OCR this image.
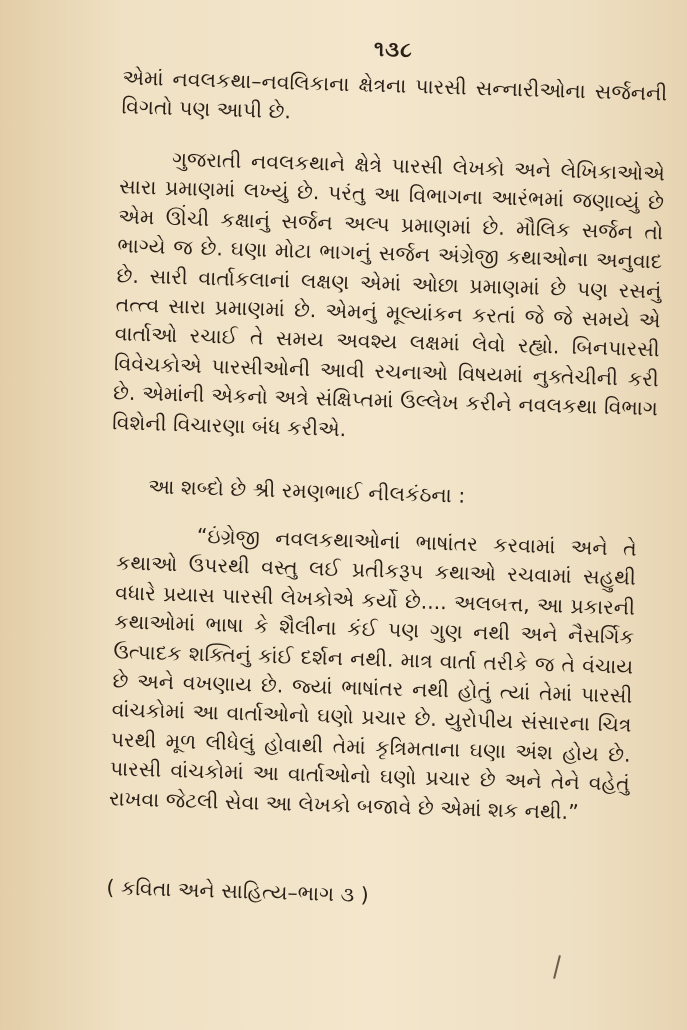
૧૩૮

એમાં નવલકથા–નવલિકાના ક્ષેત્રના પારસી સન્નારીઓના સર્જનની વિગતો પણ આપી છે.

ગુજરાતી નવલકથાને ક્ષેત્રે પારસી લેખકો અને લેખિકાઓએ સારા પ્રમાણમાં લખ્યું છે. પરંતુ આ વિભાગના આરંભમાં જણાવ્યું છે એમ ઊંચી કક્ષાનું સર્જન અલ્પ પ્રમાણમાં છે. મૌલિક સર્જન તો ભાગ્યે જ છે. ઘણા મોટા ભાગનું સર્જન અંગ્રેજી કથાઓના અનુવાદ છે. સારી વાર્તાકલાનાં લક્ષણ એમાં ઓછા પ્રમાણમાં છે પણ રસનું તત્ત્વ સારા પ્રમાણમાં છે. એમનું મૂલ્યાંકન કરતાં જે જે સમયે એ વાર્તાઓ રચાઈ તે સમય અવશ્ય લક્ષમાં લેવો રહ્યો. બિનપારસી વિવેચકોએ પારસીઓની આવી રચનાઓ વિષયમાં નુક્તેચીની કરી છે. એમાંની એકનો અત્રે સંક્ષિપ્તમાં ઉલ્લેખ કરીને નવલકથા વિભાગ વિશેની વિચારણા બંધ કરીએ.

આ શબ્દો છે શ્રી રમણભાઈ નીલકંઠના :

“ઇંગ્રેજી નવલકથાઓનાં ભાષાંતર કરવામાં અને તે કથાઓ ઉપરથી વસ્તુ લઈ પ્રતીકરૂપ કથાઓ રચવામાં સહુથી વધારે પ્રયાસ પારસી લેખકોએ કર્યો છે.... અલબત્ત, આ પ્રકારની કથાઓમાં ભાષા કે શૈલીના કંઈ પણ ગુણ નથી અને નૈસર્ગિક ઉત્પાદક શક્તિનું કાંઈ દર્શન નથી. માત્ર વાર્તા તરીકે જ તે વંચાય છે અને વખણાય છે. જ્યાં ભાષાંતર નથી હોતું ત્યાં તેમાં પારસી વાંચકોમાં આ વાર્તાઓનો ઘણો પ્રચાર છે. યુરોપીય સંસારના ચિત્ર પરથી મૂળ લીધેલું હોવાથી તેમાં કૃત્રિમતાના ઘણા અંશ હોય છે. પારસી વાંચકોમાં આ વાર્તાઓનો ઘણો પ્રચાર છે અને તેને વહેતું રાખવા જેટલી સેવા આ લેખકો બજાવે છે એમાં શક નથી.”

( કવિતા અને સાહિત્ય–ભાગ ૩ )
